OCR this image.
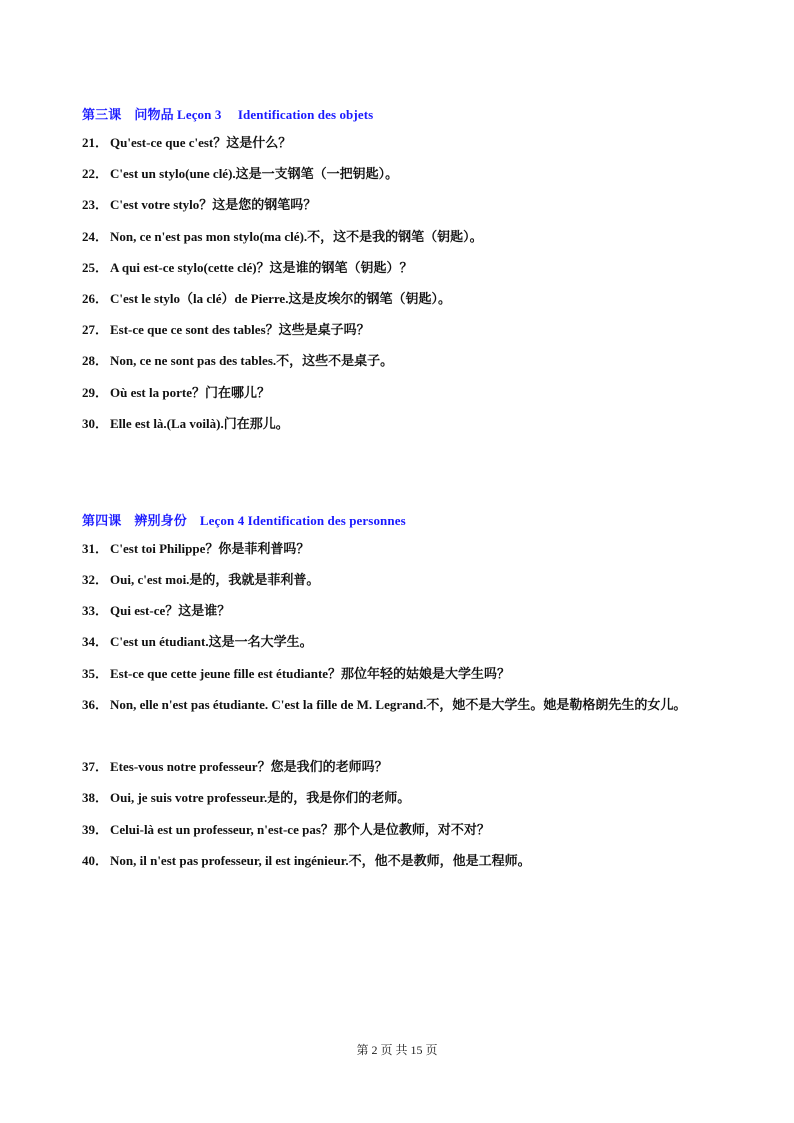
第三课　问物品 Leçon 3　 Identification des objets
21． Qu'est-ce que c'est？这是什么？
22． C'est un stylo(une clé).这是一支钢笔（一把钥匙）。
23． C'est votre stylo？这是您的钢笔吗？
24． Non, ce n'est pas mon stylo(ma clé).不，这不是我的钢笔（钥匙）。
25． A qui est-ce stylo(cette clé)？这是谁的钢笔（钥匙）？
26． C'est le stylo（la clé）de Pierre.这是皮埃尔的钢笔（钥匙）。
27． Est-ce que ce sont des tables？这些是桌子吗？
28． Non, ce ne sont pas des tables.不，这些不是桌子。
29． Où est la porte？门在哪儿？
30． Elle est là.(La voilà).门在那儿。
第四课　辨别身份　Leçon 4 Identification des personnes
31． C'est toi Philippe？你是菲利普吗？
32． Oui, c'est moi.是的，我就是菲利普。
33． Qui est-ce？这是谁？
34． C'est un étudiant.这是一名大学生。
35． Est-ce que cette jeune fille est étudiante？那位年轻的姑娘是大学生吗？
36． Non, elle n'est pas étudiante. C'est la fille de M. Legrand.不，她不是大学生。她是勒格朗先生的女儿。
37． Etes-vous notre professeur？您是我们的老师吗？
38． Oui, je suis votre professeur.是的，我是你们的老师。
39． Celui-là est un professeur, n'est-ce pas？那个人是位教师，对不对？
40． Non, il n'est pas professeur, il est ingénieur.不，他不是教师，他是工程师。
第 2 页 共 15 页
